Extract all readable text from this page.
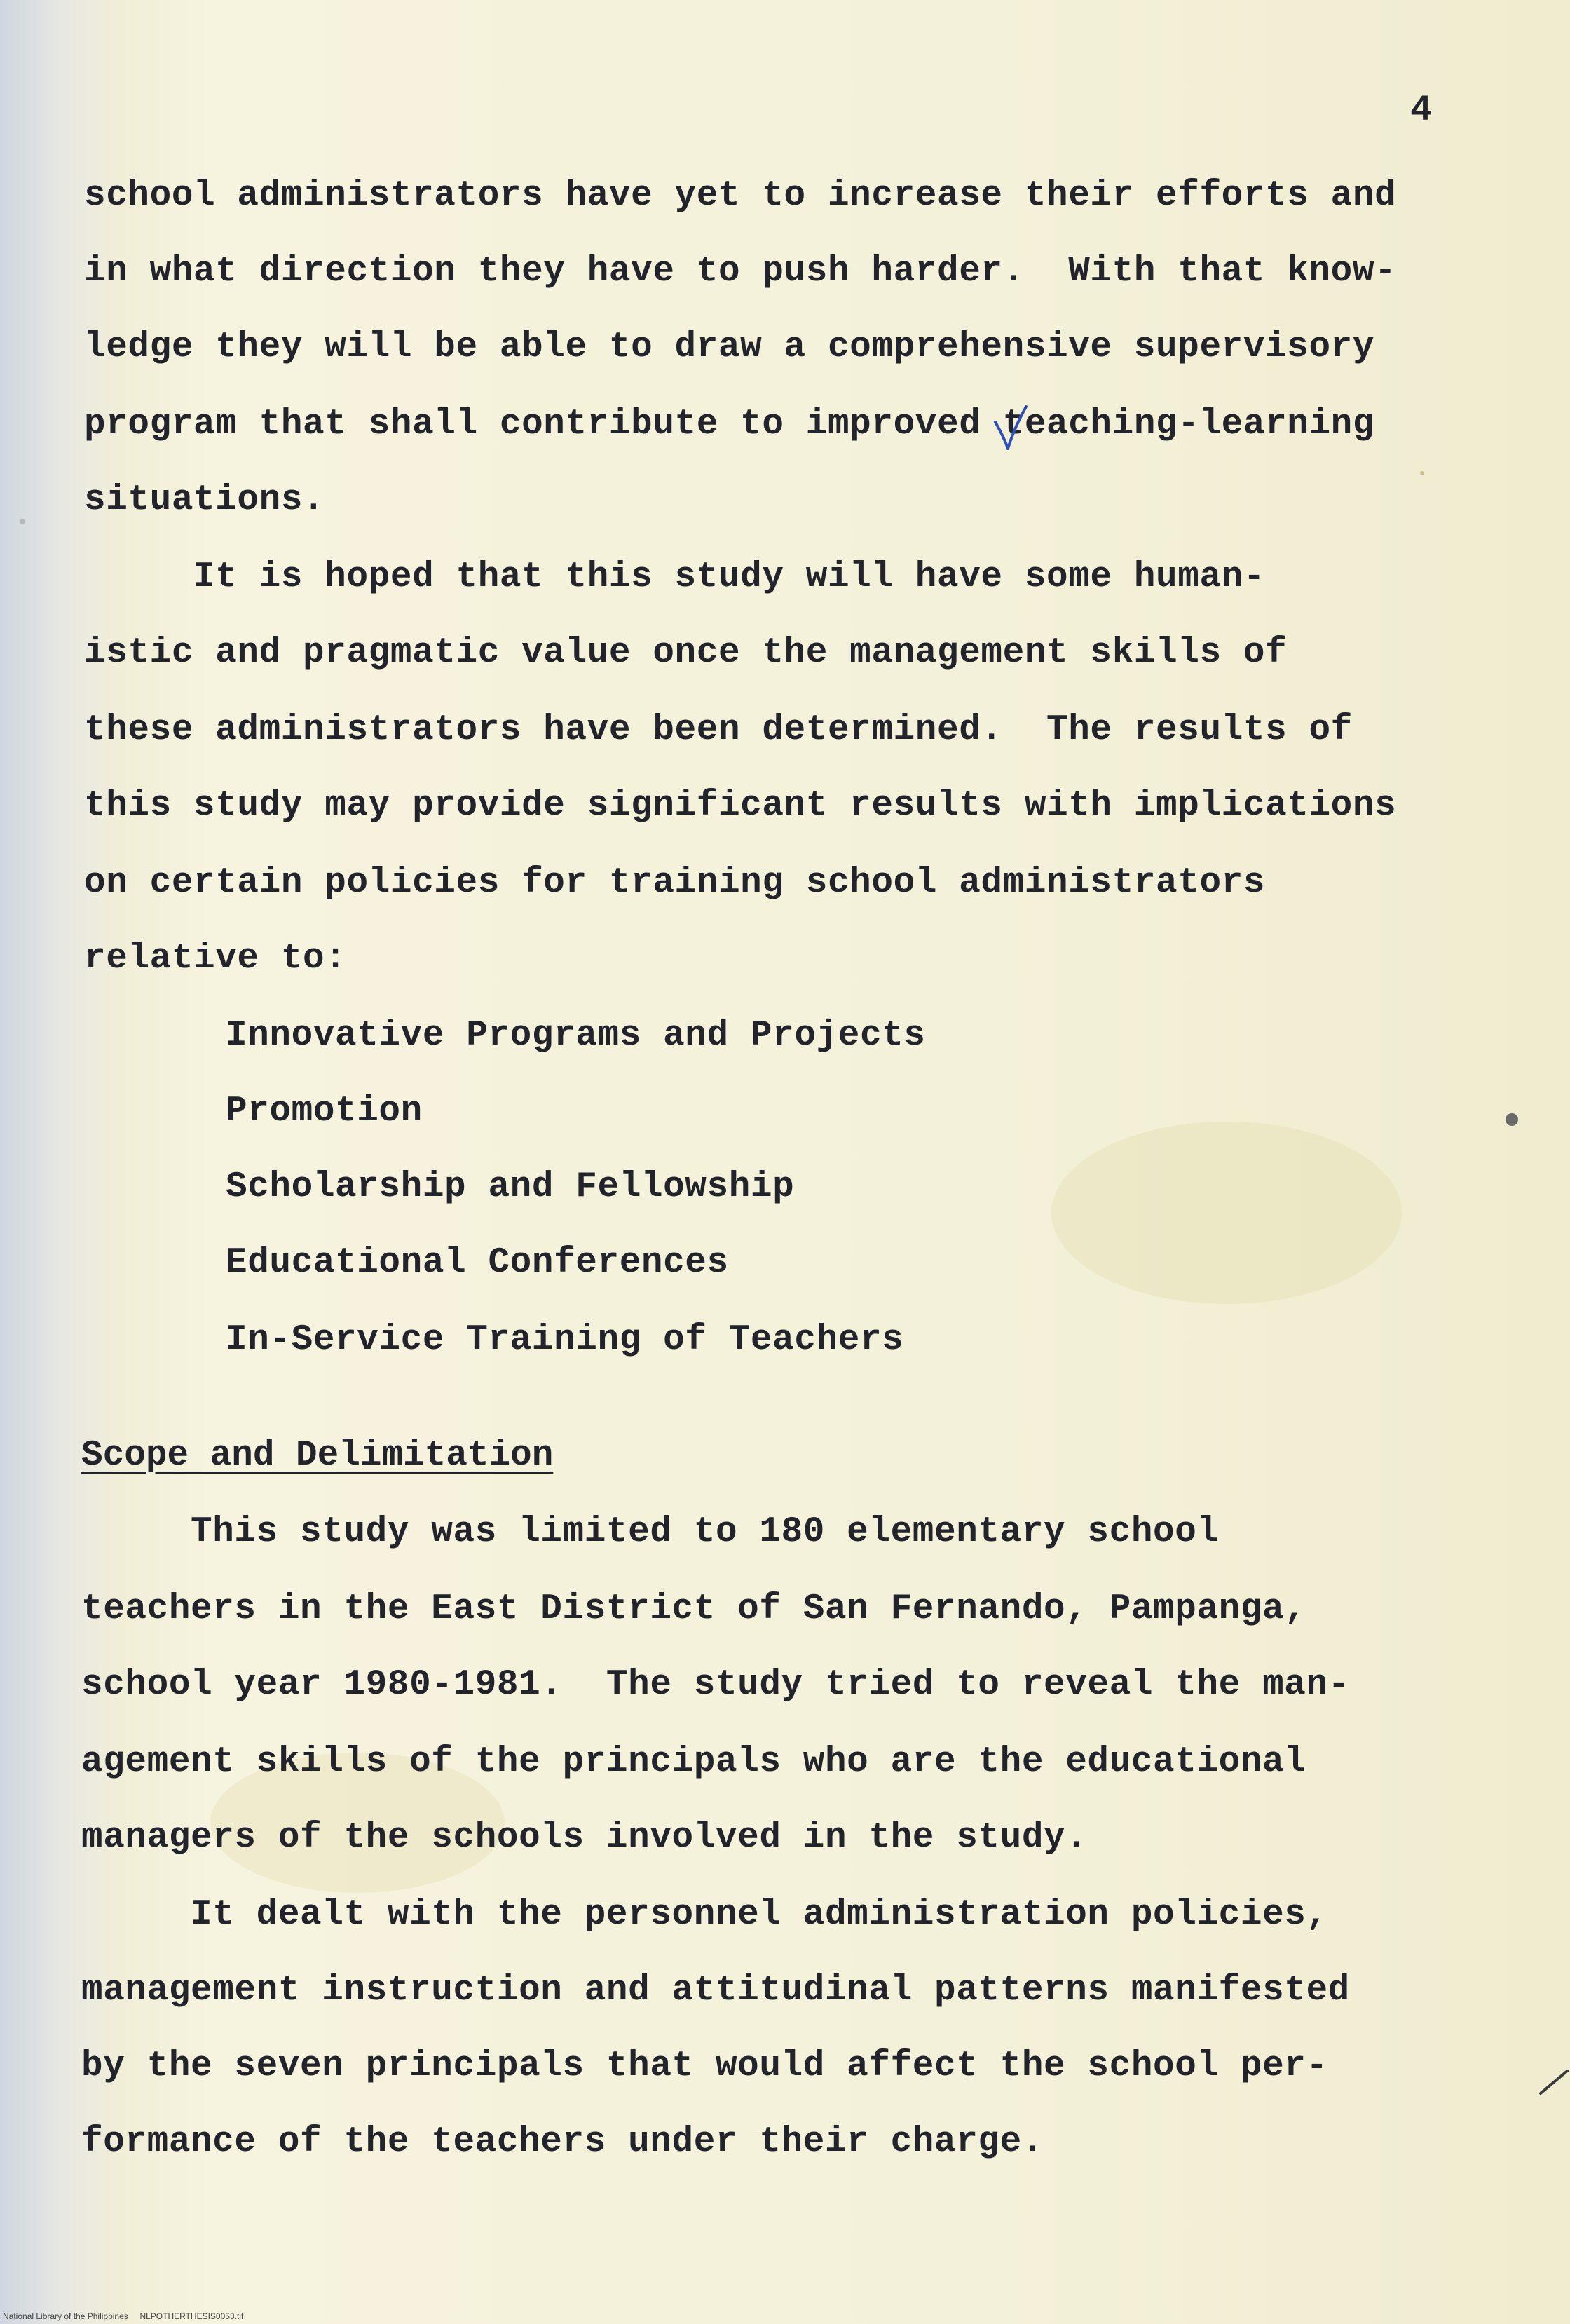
4
school administrators have yet to increase their efforts and
in what direction they have to push harder.  With that know-
ledge they will be able to draw a comprehensive supervisory
program that shall contribute to improved teaching-learning
situations.
It is hoped that this study will have some human-
istic and pragmatic value once the management skills of
these administrators have been determined.  The results of
this study may provide significant results with implications
on certain policies for training school administrators
relative to:
Innovative Programs and Projects
Promotion
Scholarship and Fellowship
Educational Conferences
In-Service Training of Teachers
Scope and Delimitation
This study was limited to 180 elementary school
teachers in the East District of San Fernando, Pampanga,
school year 1980-1981.  The study tried to reveal the man-
agement skills of the principals who are the educational
managers of the schools involved in the study.
It dealt with the personnel administration policies,
management instruction and attitudinal patterns manifested
by the seven principals that would affect the school per-
formance of the teachers under their charge.
National Library of the Philippines     NLPOTHERTHESIS0053.tif
